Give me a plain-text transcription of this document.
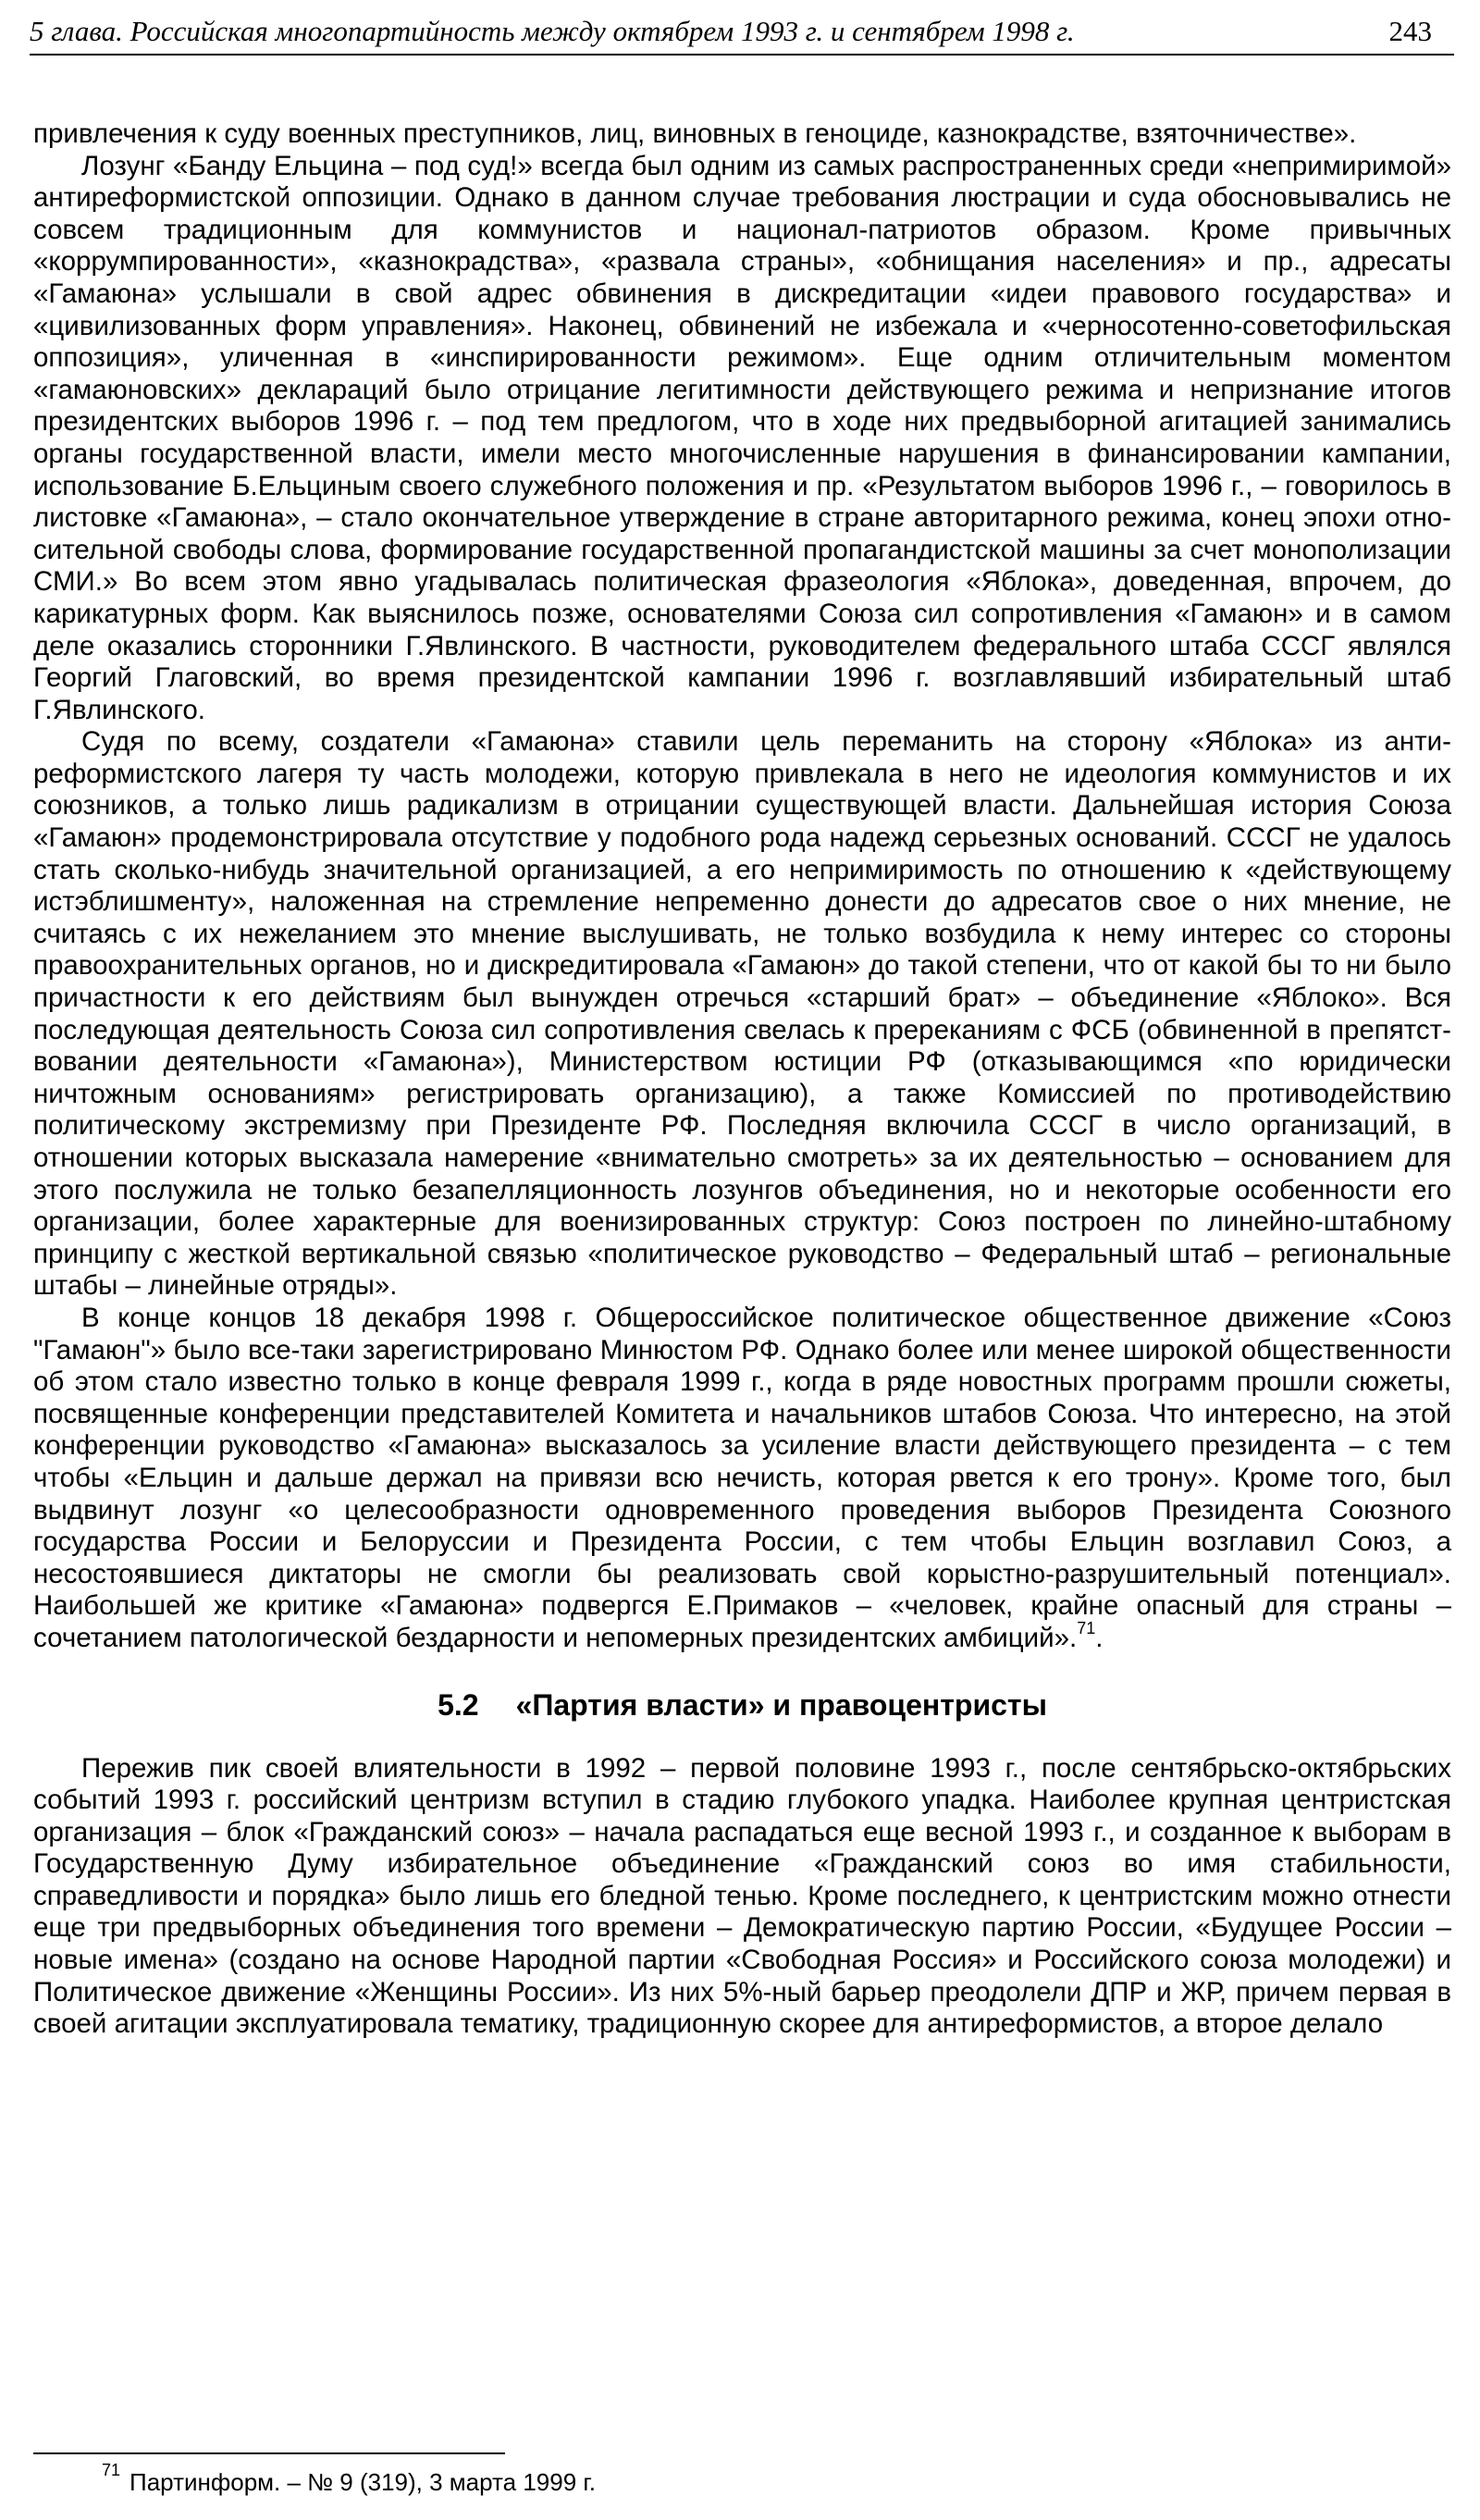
5 глава. Российская многопартийность между октябрем 1993 г. и сентябрем 1998 г.	243

привлечения к суду военных преступников, лиц, виновных в геноциде, казнокрадстве, взяточничестве».

Лозунг «Банду Ельцина – под суд!» всегда был одним из самых распространенных среди «непримиримой» антиреформистской оппозиции. Однако в данном случае требования люстрации и суда обосновывались не совсем традиционным для коммунистов и национал-патриотов образом. Кроме привычных «коррумпированности», «казнокрадства», «развала страны», «обнищания населения» и пр., адресаты «Гамаюна» услышали в свой адрес обвинения в дискредитации «идеи правового государства» и «цивилизованных форм управления». Наконец, обвинений не избежала и «черносотенно-советофильская оппозиция», уличенная в «инспирированности режимом». Еще одним отличительным моментом «гамаюновских» деклараций было отрицание легитимности действующего режима и непризнание итогов президентских выборов 1996 г. – под тем предлогом, что в ходе них предвыборной агитацией занимались органы государственной власти, имели место многочисленные нарушения в финансировании кампании, использование Б.Ельциным своего служебного положения и пр. «Результатом выборов 1996 г., – говорилось в листовке «Гамаюна», – стало окончательное утверждение в стране авторитарного режима, конец эпохи относительной свободы слова, формирование государственной пропагандистской машины за счет монополизации СМИ.» Во всем этом явно угадывалась политическая фразеология «Яблока», доведенная, впрочем, до карикатурных форм. Как выяснилось позже, основателями Союза сил сопротивления «Гамаюн» и в самом деле оказались сторонники Г.Явлинского. В частности, руководителем федерального штаба СССГ являлся Георгий Глаговский, во время президентской кампании 1996 г. возглавлявший избирательный штаб Г.Явлинского.

Судя по всему, создатели «Гамаюна» ставили цель переманить на сторону «Яблока» из антиреформистского лагеря ту часть молодежи, которую привлекала в него не идеология коммунистов и их союзников, а только лишь радикализм в отрицании существующей власти. Дальнейшая история Союза «Гамаюн» продемонстрировала отсутствие у подобного рода надежд серьезных оснований. СССГ не удалось стать сколько-нибудь значительной организацией, а его непримиримость по отношению к «действующему истэблишменту», наложенная на стремление непременно донести до адресатов свое о них мнение, не считаясь с их нежеланием это мнение выслушивать, не только возбудила к нему интерес со стороны правоохранительных органов, но и дискредитировала «Гамаюн» до такой степени, что от какой бы то ни было причастности к его действиям был вынужден отречься «старший брат» – объединение «Яблоко». Вся последующая деятельность Союза сил сопротивления свелась к пререканиям с ФСБ (обвиненной в препятствовании деятельности «Гамаюна»), Министерством юстиции РФ (отказывающимся «по юридически ничтожным основаниям» регистрировать организацию), а также Комиссией по противодействию политическому экстремизму при Президенте РФ. Последняя включила СССГ в число организаций, в отношении которых высказала намерение «внимательно смотреть» за их деятельностью – основанием для этого послужила не только безапелляционность лозунгов объединения, но и некоторые особенности его организации, более характерные для военизированных структур: Союз построен по линейно-штабному принципу с жесткой вертикальной связью «политическое руководство – Федеральный штаб – региональные штабы – линейные отряды».

В конце концов 18 декабря 1998 г. Общероссийское политическое общественное движение «Союз "Гамаюн"» было все-таки зарегистрировано Минюстом РФ. Однако более или менее широкой общественности об этом стало известно только в конце февраля 1999 г., когда в ряде новостных программ прошли сюжеты, посвященные конференции представителей Комитета и начальников штабов Союза. Что интересно, на этой конференции руководство «Гамаюна» высказалось за усиление власти действующего президента – с тем чтобы «Ельцин и дальше держал на привязи всю нечисть, которая рвется к его трону». Кроме того, был выдвинут лозунг «о целесообразности одновременного проведения выборов Президента Союзного государства России и Белоруссии и Президента России, с тем чтобы Ельцин возглавил Союз, а несостоявшиеся диктаторы не смогли бы реализовать свой корыстно-разрушительный потенциал». Наибольшей же критике «Гамаюна» подвергся Е.Примаков – «человек, крайне опасный для страны – сочетанием патологической бездарности и непомерных президентских амбиций».$^{71}$.

5.2 «Партия власти» и правоцентристы

Пережив пик своей влиятельности в 1992 – первой половине 1993 г., после сентябрьско-октябрьских событий 1993 г. российский центризм вступил в стадию глубокого упадка. Наиболее крупная центристская организация – блок «Гражданский союз» – начала распадаться еще весной 1993 г., и созданное к выборам в Государственную Думу избирательное объединение «Гражданский союз во имя стабильности, справедливости и порядка» было лишь его бледной тенью. Кроме последнего, к центристским можно отнести еще три предвыборных объединения того времени – Демократическую партию России, «Будущее России – новые имена» (создано на основе Народной партии «Свободная Россия» и Российского союза молодежи) и Политическое движение «Женщины России». Из них 5%-ный барьер преодолели ДПР и ЖР, причем первая в своей агитации эксплуатировала тематику, традиционную скорее для антиреформистов, а второе делало

$^{71}$ Партинформ. – № 9 (319), 3 марта 1999 г.
